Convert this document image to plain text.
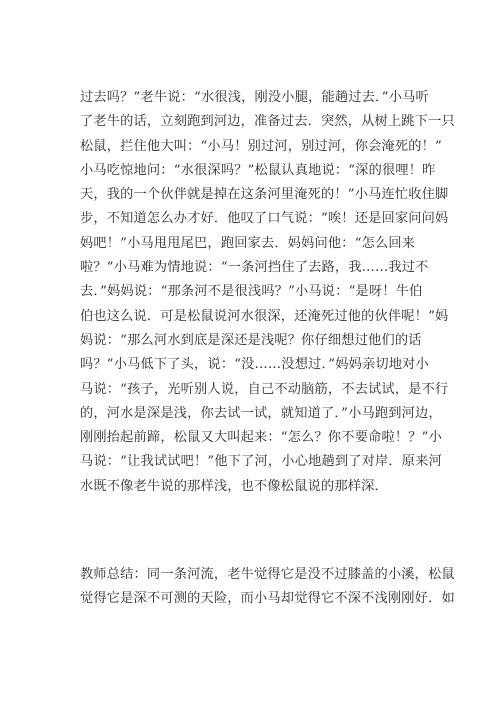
过去吗？”老牛说：“水很浅，刚没小腿，能趟过去．”小马听
了老牛的话，立刻跑到河边，准备过去．突然，从树上跳下一只
松鼠，拦住他大叫：“小马！别过河，别过河，你会淹死的！”
小马吃惊地问：“水很深吗？”松鼠认真地说：“深的很哩！昨
天，我的一个伙伴就是掉在这条河里淹死的！”小马连忙收住脚
步，不知道怎么办才好．他叹了口气说：“唉！还是回家问问妈
妈吧！”小马甩甩尾巴，跑回家去．妈妈问他：“怎么回来
啦？”小马难为情地说：“一条河挡住了去路，我……我过不
去．”妈妈说：“那条河不是很浅吗？”小马说：“是呀！牛伯
伯也这么说．可是松鼠说河水很深，还淹死过他的伙伴呢！”妈
妈说：“那么河水到底是深还是浅呢？你仔细想过他们的话
吗？”小马低下了头，说：“没……没想过．”妈妈亲切地对小
马说：“孩子，光听别人说，自己不动脑筋，不去试试，是不行
的，河水是深是浅，你去试一试，就知道了．”小马跑到河边，
刚刚抬起前蹄，松鼠又大叫起来：“怎么？你不要命啦！？”小
马说：“让我试试吧！”他下了河，小心地趟到了对岸．原来河
水既不像老牛说的那样浅，也不像松鼠说的那样深．
教师总结：同一条河流，老牛觉得它是没不过膝盖的小溪，松鼠
觉得它是深不可测的天险，而小马却觉得它不深不浅刚刚好．如
